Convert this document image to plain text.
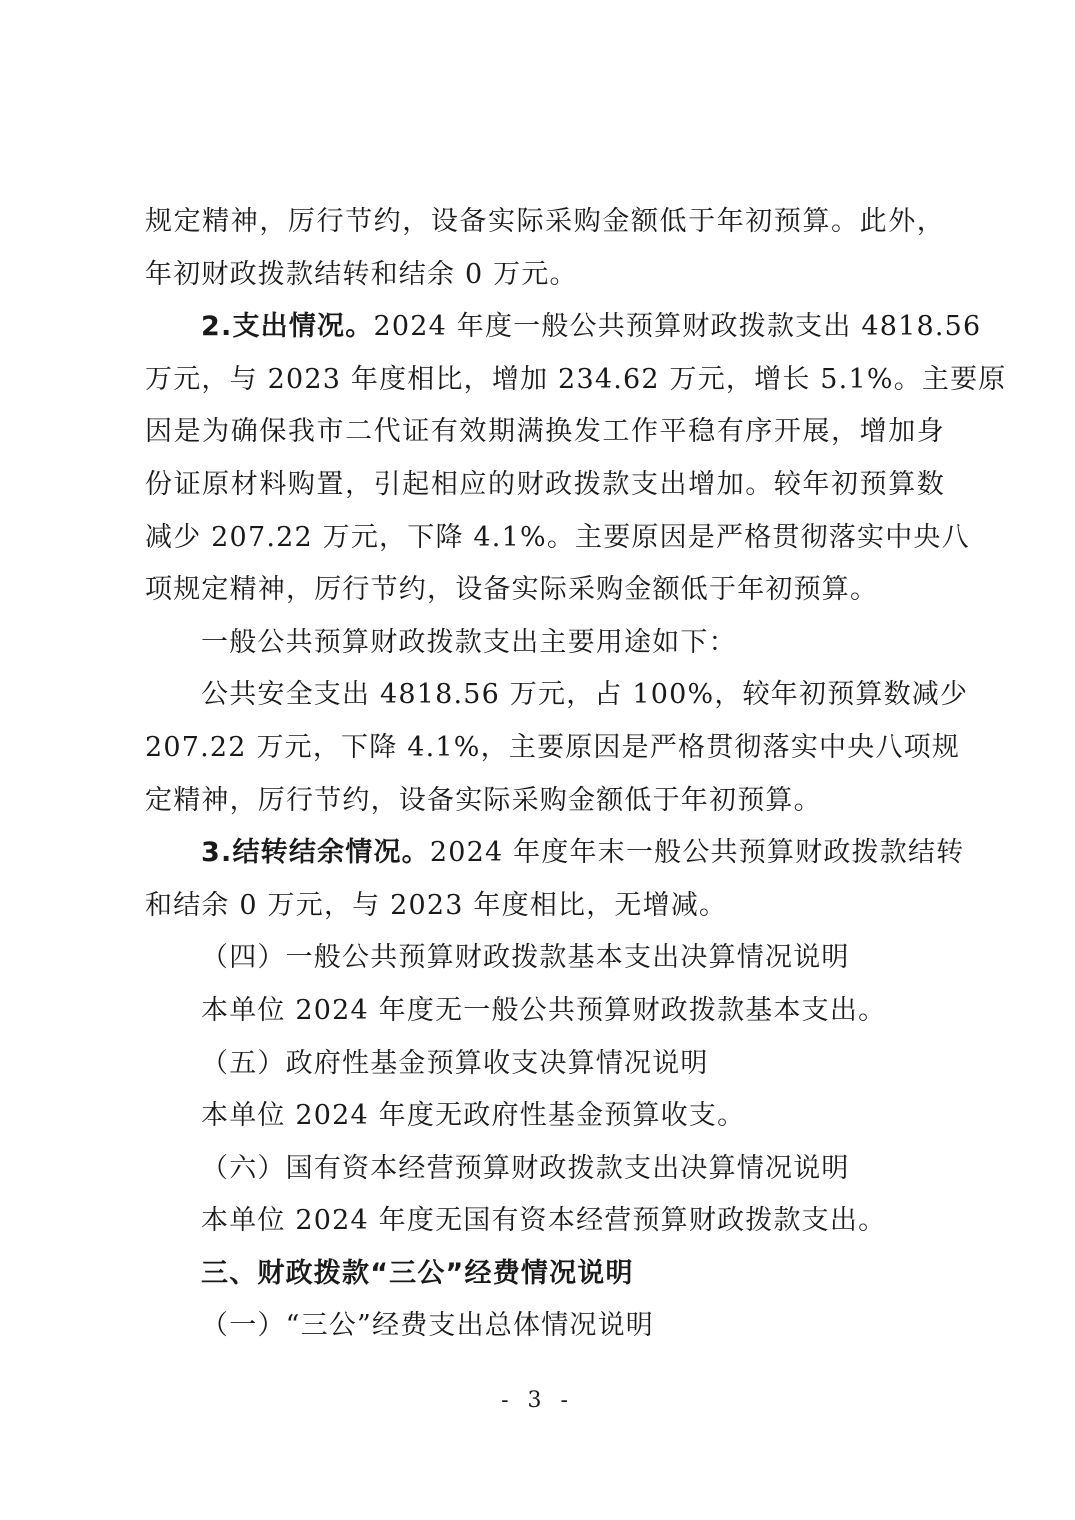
规定精神，厉行节约，设备实际采购金额低于年初预算。此外，
年初财政拨款结转和结余 0 万元。
2.支出情况。2024 年度一般公共预算财政拨款支出 4818.56
万元，与 2023 年度相比，增加 234.62 万元，增长 5.1%。主要原
因是为确保我市二代证有效期满换发工作平稳有序开展，增加身
份证原材料购置，引起相应的财政拨款支出增加。较年初预算数
减少 207.22 万元，下降 4.1%。主要原因是严格贯彻落实中央八
项规定精神，厉行节约，设备实际采购金额低于年初预算。
一般公共预算财政拨款支出主要用途如下：
公共安全支出 4818.56 万元，占 100%，较年初预算数减少
207.22 万元，下降 4.1%，主要原因是严格贯彻落实中央八项规
定精神，厉行节约，设备实际采购金额低于年初预算。
3.结转结余情况。2024 年度年末一般公共预算财政拨款结转
和结余 0 万元，与 2023 年度相比，无增减。
（四）一般公共预算财政拨款基本支出决算情况说明
本单位 2024 年度无一般公共预算财政拨款基本支出。
（五）政府性基金预算收支决算情况说明
本单位 2024 年度无政府性基金预算收支。
（六）国有资本经营预算财政拨款支出决算情况说明
本单位 2024 年度无国有资本经营预算财政拨款支出。
三、财政拨款“三公”经费情况说明
（一）“三公”经费支出总体情况说明
- 3 -
